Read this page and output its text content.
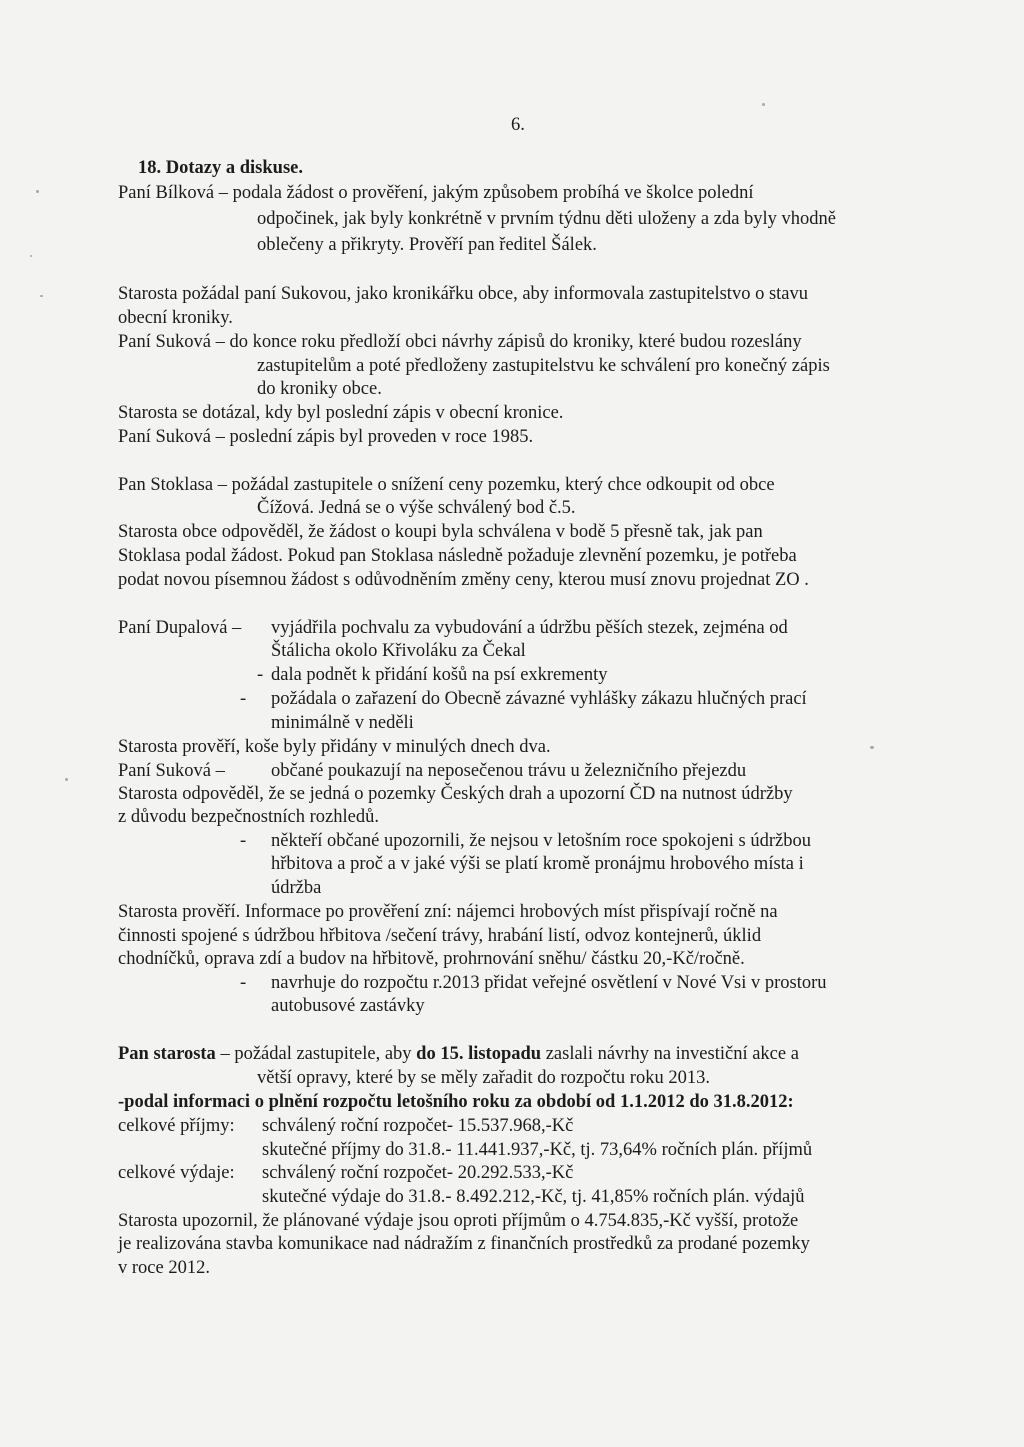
6.
18. Dotazy a diskuse.
Paní Bílková – podala žádost o prověření, jakým způsobem probíhá ve školce polední
odpočinek, jak byly konkrétně v prvním týdnu děti uloženy a zda byly vhodně
oblečeny a přikryty. Prověří pan ředitel Šálek.
Starosta požádal paní Sukovou, jako kronikářku obce, aby informovala zastupitelstvo o stavu
obecní kroniky.
Paní Suková – do konce roku předloží obci návrhy zápisů do kroniky, které budou rozeslány
zastupitelům a poté předloženy zastupitelstvu ke schválení pro konečný zápis
do kroniky obce.
Starosta se dotázal, kdy byl poslední zápis v obecní kronice.
Paní Suková – poslední zápis byl proveden v roce 1985.
Pan Stoklasa – požádal zastupitele o snížení ceny pozemku, který chce odkoupit od obce
Čížová. Jedná se o výše schválený bod č.5.
Starosta obce odpověděl, že žádost o koupi byla schválena v bodě 5 přesně tak, jak pan
Stoklasa podal žádost. Pokud pan Stoklasa následně požaduje zlevnění pozemku, je potřeba
podat novou písemnou žádost s odůvodněním změny ceny, kterou musí znovu projednat ZO .
Paní Dupalová – vyjádřila pochvalu za vybudování a údržbu pěších stezek, zejména od
Štálicha okolo Křivoláku za Čekal
- dala podnět k přidání košů na psí exkrementy
- požádala o zařazení do Obecně závazné vyhlášky zákazu hlučných prací
minimálně v neděli
Starosta prověří, koše byly přidány v minulých dnech dva.
Paní Suková – občané poukazují na neposečenou trávu u železničního přejezdu
Starosta odpověděl, že se jedná o pozemky Českých drah a upozorní ČD na nutnost údržby
z důvodu bezpečnostních rozhledů.
- někteří občané upozornili, že nejsou v letošním roce spokojeni s údržbou
hřbitova a proč a v jaké výši se platí kromě pronájmu hrobového místa i
údržba
Starosta prověří. Informace po prověření zní: nájemci hrobových míst přispívají ročně na
činnosti spojené s údržbou hřbitova /sečení trávy, hrabání listí, odvoz kontejnerů, úklid
chodníčků, oprava zdí a budov na hřbitově, prohrnování sněhu/ částku 20,-Kč/ročně.
- navrhuje do rozpočtu r.2013 přidat veřejné osvětlení v Nové Vsi v prostoru
autobusové zastávky
Pan starosta – požádal zastupitele, aby do 15. listopadu zaslali návrhy na investiční akce a
větší opravy, které by se měly zařadit do rozpočtu roku 2013.
-podal informaci o plnění rozpočtu letošního roku za období od 1.1.2012 do 31.8.2012:
celkové příjmy: schválený roční rozpočet- 15.537.968,-Kč
skutečné příjmy do 31.8.- 11.441.937,-Kč, tj. 73,64% ročních plán. příjmů
celkové výdaje: schválený roční rozpočet- 20.292.533,-Kč
skutečné výdaje do 31.8.- 8.492.212,-Kč, tj. 41,85% ročních plán. výdajů
Starosta upozornil, že plánované výdaje jsou oproti příjmům o 4.754.835,-Kč vyšší, protože
je realizována stavba komunikace nad nádražím z finančních prostředků za prodané pozemky
v roce 2012.
